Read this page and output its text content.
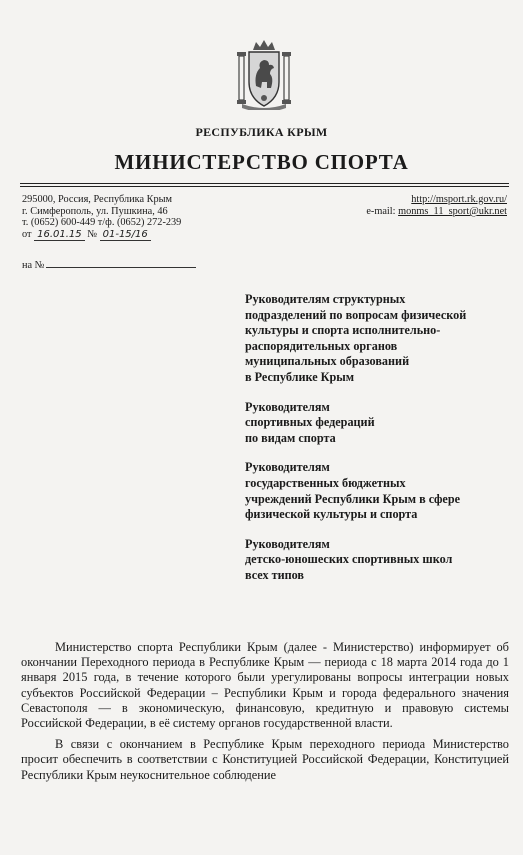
РЕСПУБЛИКА КРЫМ
МИНИСТЕРСТВО СПОРТА
295000, Россия, Республика Крым
г. Симферополь, ул. Пушкина, 46
т. (0652) 600-449 т/ф. (0652) 272-239
от 16.01.15 № 01-15/16
http://msport.rk.gov.ru/
e-mail: monms_11_sport@ukr.net
на №
Руководителям структурных
подразделений по вопросам физической
культуры и спорта исполнительно-
распорядительных органов
муниципальных образований
в Республике Крым
Руководителям
спортивных федераций
по видам спорта
Руководителям
государственных бюджетных
учреждений Республики Крым в сфере
физической культуры и спорта
Руководителям
детско-юношеских спортивных школ
всех типов

Министерство спорта Республики Крым (далее - Министерство) информирует об окончании Переходного периода в Республике Крым — периода с 18 марта 2014 года до 1 января 2015 года, в течение которого были урегулированы вопросы интеграции новых субъектов Российской Федерации – Республики Крым и города федерального значения Севастополя — в экономическую, финансовую, кредитную и правовую системы Российской Федерации, в её систему органов государственной власти.

В связи с окончанием в Республике Крым переходного периода Министерство просит обеспечить в соответствии с Конституцией Российской Федерации, Конституцией Республики Крым неукоснительное соблюдение
